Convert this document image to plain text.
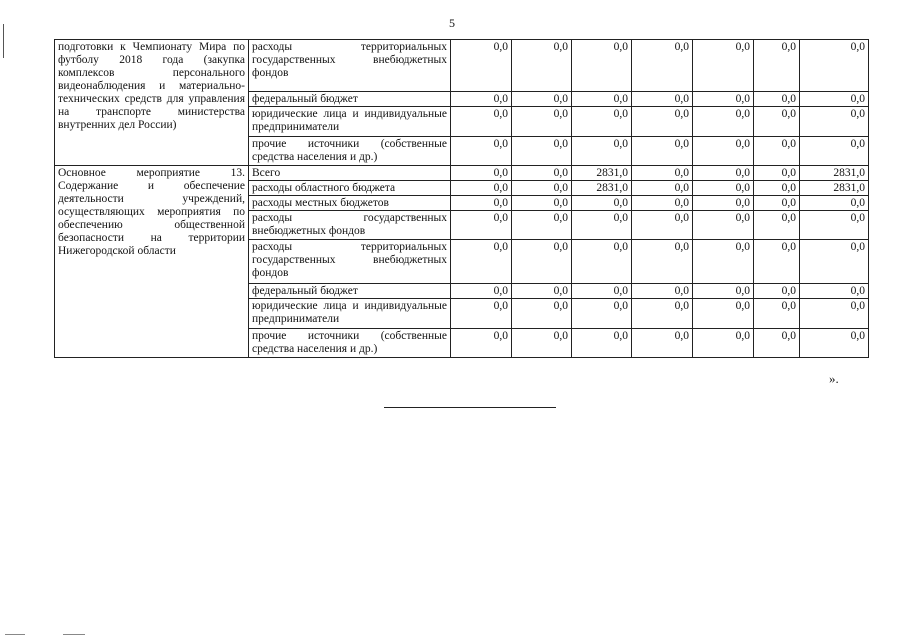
5
подготовки к Чемпионату Мира по футболу 2018 года (закупка комплексов персонального видеонаблюдения и материально-технических средств для управления на транспорте министерства внутренних дел России)	расходы территориальных государственных внебюджетных фондов	0,0	0,0	0,0	0,0	0,0	0,0	0,0
	федеральный бюджет	0,0	0,0	0,0	0,0	0,0	0,0	0,0
	юридические лица и индивидуальные предприниматели	0,0	0,0	0,0	0,0	0,0	0,0	0,0
	прочие источники (собственные средства населения и др.)	0,0	0,0	0,0	0,0	0,0	0,0	0,0
Основное мероприятие 13. Содержание и обеспечение деятельности учреждений, осуществляющих мероприятия по обеспечению общественной безопасности на территории Нижегородской области	Всего	0,0	0,0	2831,0	0,0	0,0	0,0	2831,0
	расходы областного бюджета	0,0	0,0	2831,0	0,0	0,0	0,0	2831,0
	расходы местных бюджетов	0,0	0,0	0,0	0,0	0,0	0,0	0,0
	расходы государственных внебюджетных фондов	0,0	0,0	0,0	0,0	0,0	0,0	0,0
	расходы территориальных государственных внебюджетных фондов	0,0	0,0	0,0	0,0	0,0	0,0	0,0
	федеральный бюджет	0,0	0,0	0,0	0,0	0,0	0,0	0,0
	юридические лица и индивидуальные предприниматели	0,0	0,0	0,0	0,0	0,0	0,0	0,0
	прочие источники (собственные средства населения и др.)	0,0	0,0	0,0	0,0	0,0	0,0	0,0
».
